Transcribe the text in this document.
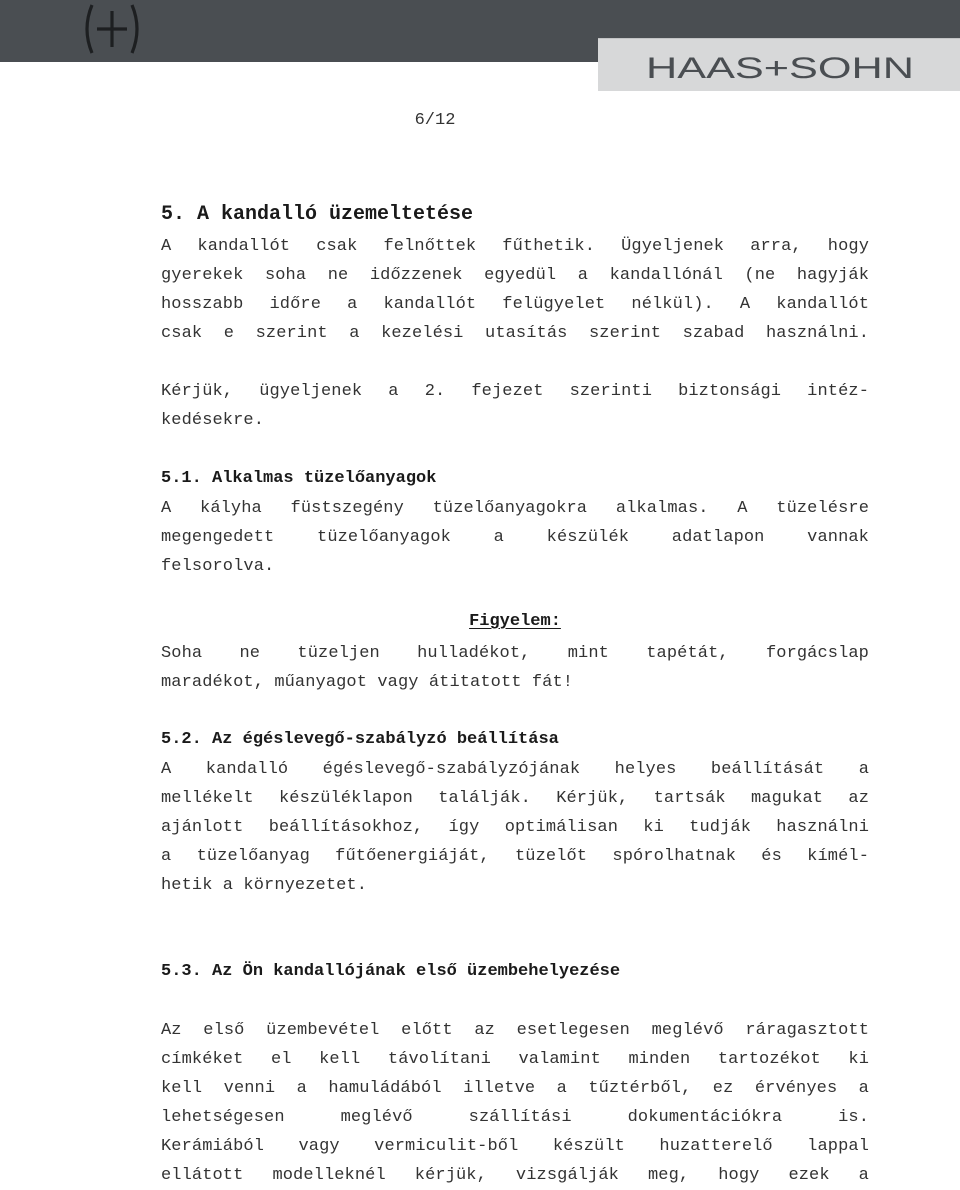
HAAS+SOHN
6/12
5. A kandalló üzemeltetése
A kandallót csak felnőttek fűthetik. Ügyeljenek arra, hogy
gyerekek soha ne időzzenek egyedül a kandallónál (ne hagyják
hosszabb időre a kandallót felügyelet nélkül). A kandallót
csak e szerint a kezelési utasítás szerint szabad használni.
Kérjük, ügyeljenek a 2. fejezet szerinti biztonsági intéz-
kedésekre.
5.1. Alkalmas tüzelőanyagok
A kályha füstszegény tüzelőanyagokra alkalmas. A tüzelésre
megengedett tüzelőanyagok a készülék adatlapon vannak
felsorolva.
Figyelem:
Soha ne tüzeljen hulladékot, mint tapétát, forgácslap
maradékot, műanyagot vagy átitatott fát!
5.2. Az égéslevegő-szabályzó beállítása
A kandalló égéslevegő-szabályzójának helyes beállítását a
mellékelt készüléklapon találják. Kérjük, tartsák magukat az
ajánlott beállításokhoz, így optimálisan ki tudják használni
a tüzelőanyag fűtőenergiáját, tüzelőt spórolhatnak és kímél-
hetik a környezetet.
5.3. Az Ön kandallójának első üzembehelyezése
Az első üzembevétel előtt az esetlegesen meglévő ráragasztott
címkéket el kell távolítani valamint minden tartozékot ki
kell venni a hamuládából illetve a tűztérből, ez érvényes a
lehetségesen meglévő szállítási dokumentációkra is.
Kerámiából vagy vermiculit-ből készült huzatterelő lappal
ellátott modelleknél kérjük, vizsgálják meg, hogy ezek a
